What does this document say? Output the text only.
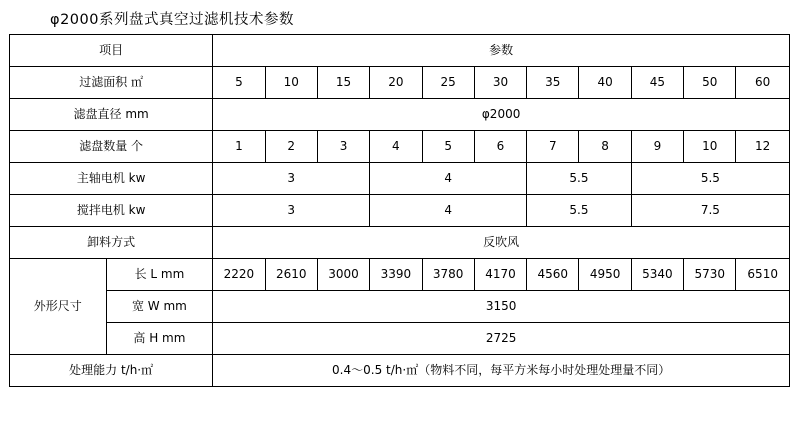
φ2000系列盘式真空过滤机技术参数
项目		参数										
过滤面积 ㎡		5	10	15	20	25	30	35	40	45	50	60
滤盘直径 mm		φ2000										
滤盘数量 个		1	2	3	4	5	6	7	8	9	10	12
主轴电机 kw		3			4			5.5		5.5		
搅拌电机 kw		3			4			5.5		7.5		
卸料方式		反吹风										
外形尺寸	长 L mm	2220	2610	3000	3390	3780	4170	4560	4950	5340	5730	6510
	宽 W mm	3150										
	高 H mm	2725										
处理能力 t/h·㎡		0.4～0.5 t/h·㎡（物料不同，每平方米每小时处理处理量不同）										
